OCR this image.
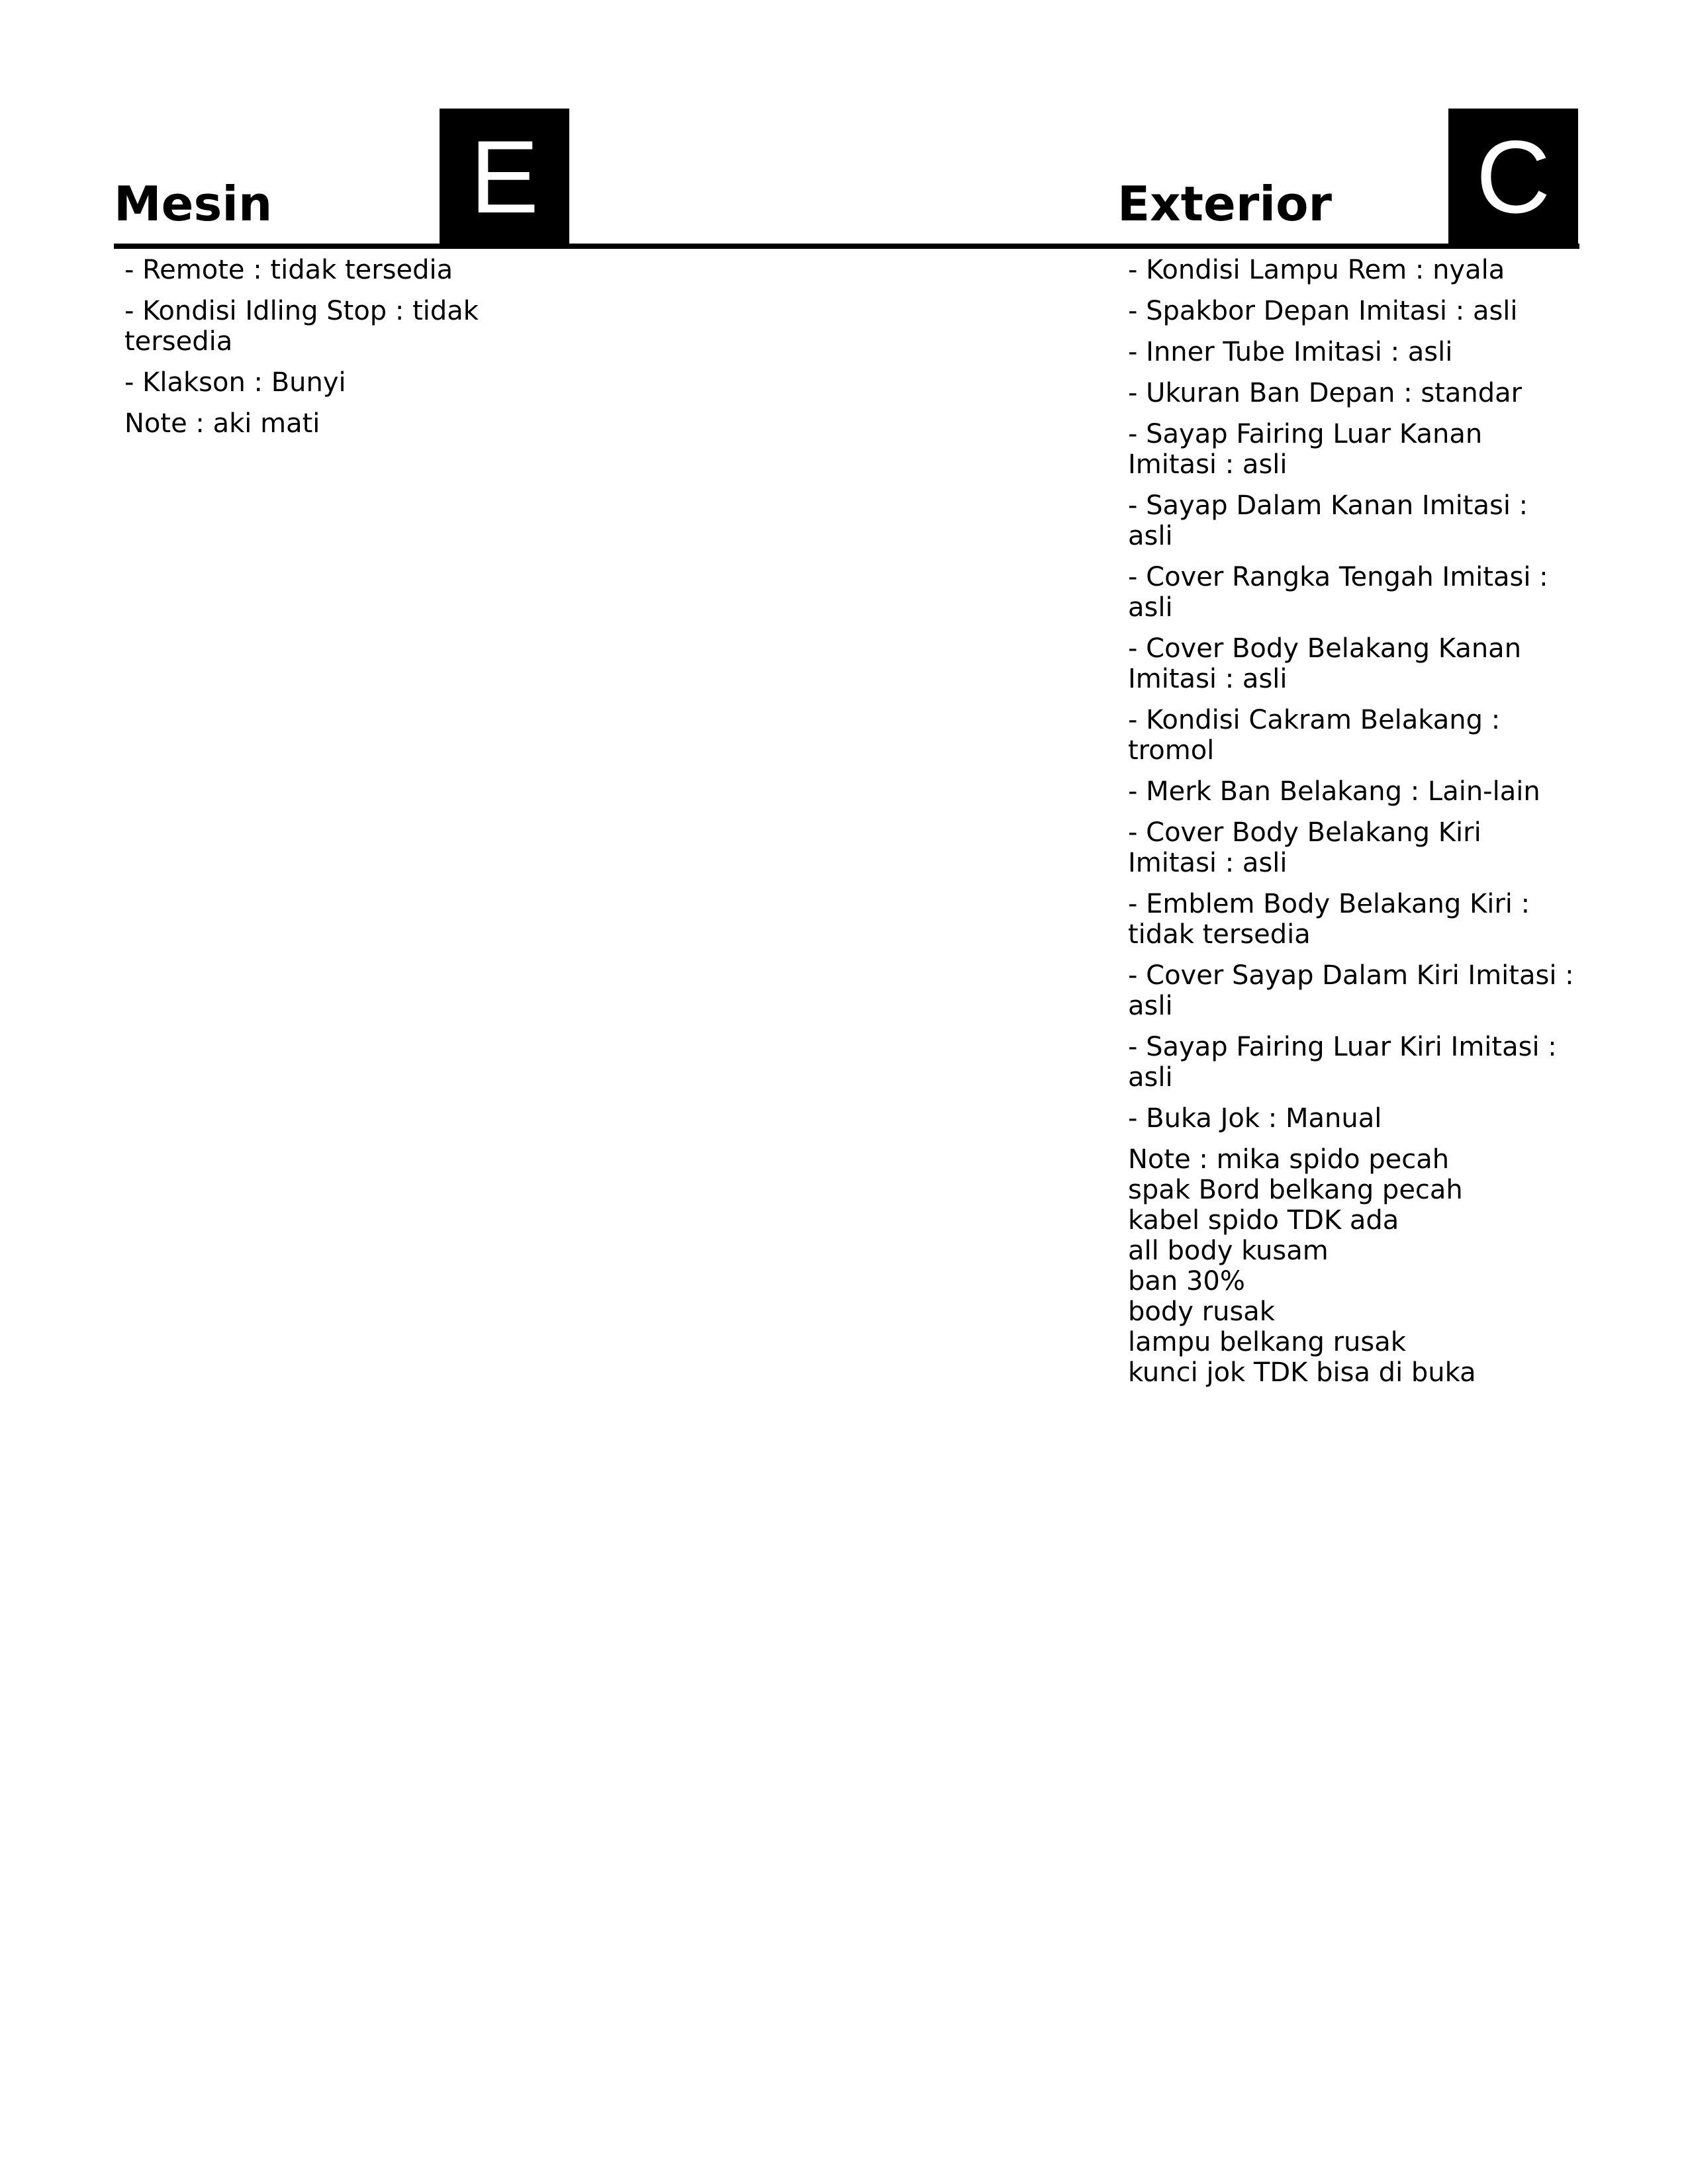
Mesin E
- Remote : tidak tersedia
- Kondisi Idling Stop : tidak
tersedia
- Klakson : Bunyi
Note : aki mati
Exterior C
- Kondisi Lampu Rem : nyala
- Spakbor Depan Imitasi : asli
- Inner Tube Imitasi : asli
- Ukuran Ban Depan : standar
- Sayap Fairing Luar Kanan
Imitasi : asli
- Sayap Dalam Kanan Imitasi : asli
- Cover Rangka Tengah Imitasi :
asli
- Cover Body Belakang Kanan
Imitasi : asli
- Kondisi Cakram Belakang :
tromol
- Merk Ban Belakang : Lain-lain
- Cover Body Belakang Kiri
Imitasi : asli
- Emblem Body Belakang Kiri :
tidak tersedia
- Cover Sayap Dalam Kiri Imitasi :
asli
- Sayap Fairing Luar Kiri Imitasi :
asli
- Buka Jok : Manual
Note : mika spido pecah
spak Bord belkang pecah
kabel spido TDK ada
all body kusam
ban 30%
body rusak
lampu belkang rusak
kunci jok TDK bisa di buka
